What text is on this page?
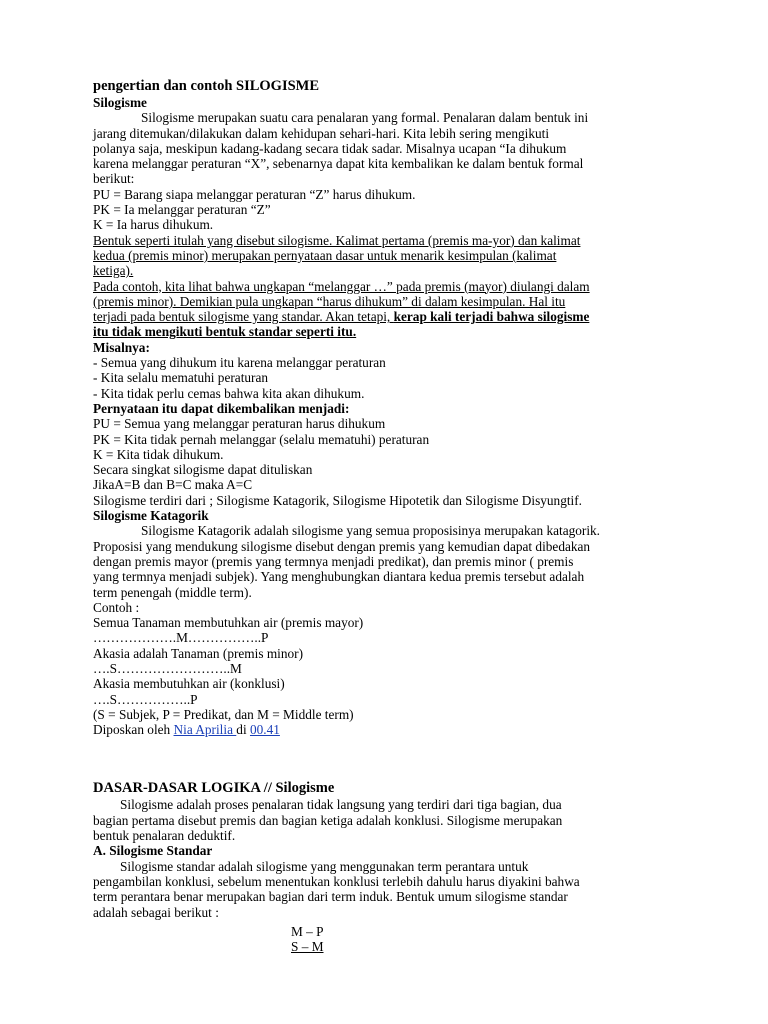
pengertian dan contoh SILOGISME
Silogisme
Silogisme merupakan suatu cara penalaran yang formal. Penalaran dalam bentuk ini
jarang ditemukan/dilakukan dalam kehidupan sehari-hari. Kita lebih sering mengikuti
polanya saja, meskipun kadang-kadang secara tidak sadar. Misalnya ucapan “Ia dihukum
karena melanggar peraturan “X”, sebenarnya dapat kita kembalikan ke dalam bentuk formal
berikut:
PU = Barang siapa melanggar peraturan “Z” harus dihukum.
PK = Ia melanggar peraturan “Z”
K = Ia harus dihukum.
Bentuk seperti itulah yang disebut silogisme. Kalimat pertama (premis ma-yor) dan kalimat
kedua (premis minor) merupakan pernyataan dasar untuk menarik kesimpulan (kalimat
ketiga).
Pada contoh, kita lihat bahwa ungkapan “melanggar …” pada premis (mayor) diulangi dalam
(premis minor). Demikian pula ungkapan “harus dihukum” di dalam kesimpulan. Hal itu
terjadi pada bentuk silogisme yang standar. Akan tetapi, kerap kali terjadi bahwa silogisme
itu tidak mengikuti bentuk standar seperti itu.
Misalnya:
- Semua yang dihukum itu karena melanggar peraturan
- Kita selalu mematuhi peraturan
- Kita tidak perlu cemas bahwa kita akan dihukum.
Pernyataan itu dapat dikembalikan menjadi:
PU = Semua yang melanggar peraturan harus dihukum
PK = Kita tidak pernah melanggar (selalu mematuhi) peraturan
K = Kita tidak dihukum.
Secara singkat silogisme dapat dituliskan
JikaA=B dan B=C maka A=C
Silogisme terdiri dari ; Silogisme Katagorik, Silogisme Hipotetik dan Silogisme Disyungtif.
Silogisme Katagorik
Silogisme Katagorik adalah silogisme yang semua proposisinya merupakan katagorik.
Proposisi yang mendukung silogisme disebut dengan premis yang kemudian dapat dibedakan
dengan premis mayor (premis yang termnya menjadi predikat), dan premis minor ( premis
yang termnya menjadi subjek). Yang menghubungkan diantara kedua premis tersebut adalah
term penengah (middle term).
Contoh :
Semua Tanaman membutuhkan air (premis mayor)
……………….M……………..P
Akasia adalah Tanaman (premis minor)
….S……………………..M
Akasia membutuhkan air (konklusi)
….S……………..P
(S = Subjek, P = Predikat, dan M = Middle term)
Diposkan oleh Nia Aprilia di 00.41
DASAR-DASAR LOGIKA // Silogisme
Silogisme adalah proses penalaran tidak langsung yang terdiri dari tiga bagian, dua
bagian pertama disebut premis dan bagian ketiga adalah konklusi. Silogisme merupakan
bentuk penalaran deduktif.
A. Silogisme Standar
Silogisme standar adalah silogisme yang menggunakan term perantara untuk
pengambilan konklusi, sebelum menentukan konklusi terlebih dahulu harus diyakini bahwa
term perantara benar merupakan bagian dari term induk. Bentuk umum silogisme standar
adalah sebagai berikut :
M – P
S – M
